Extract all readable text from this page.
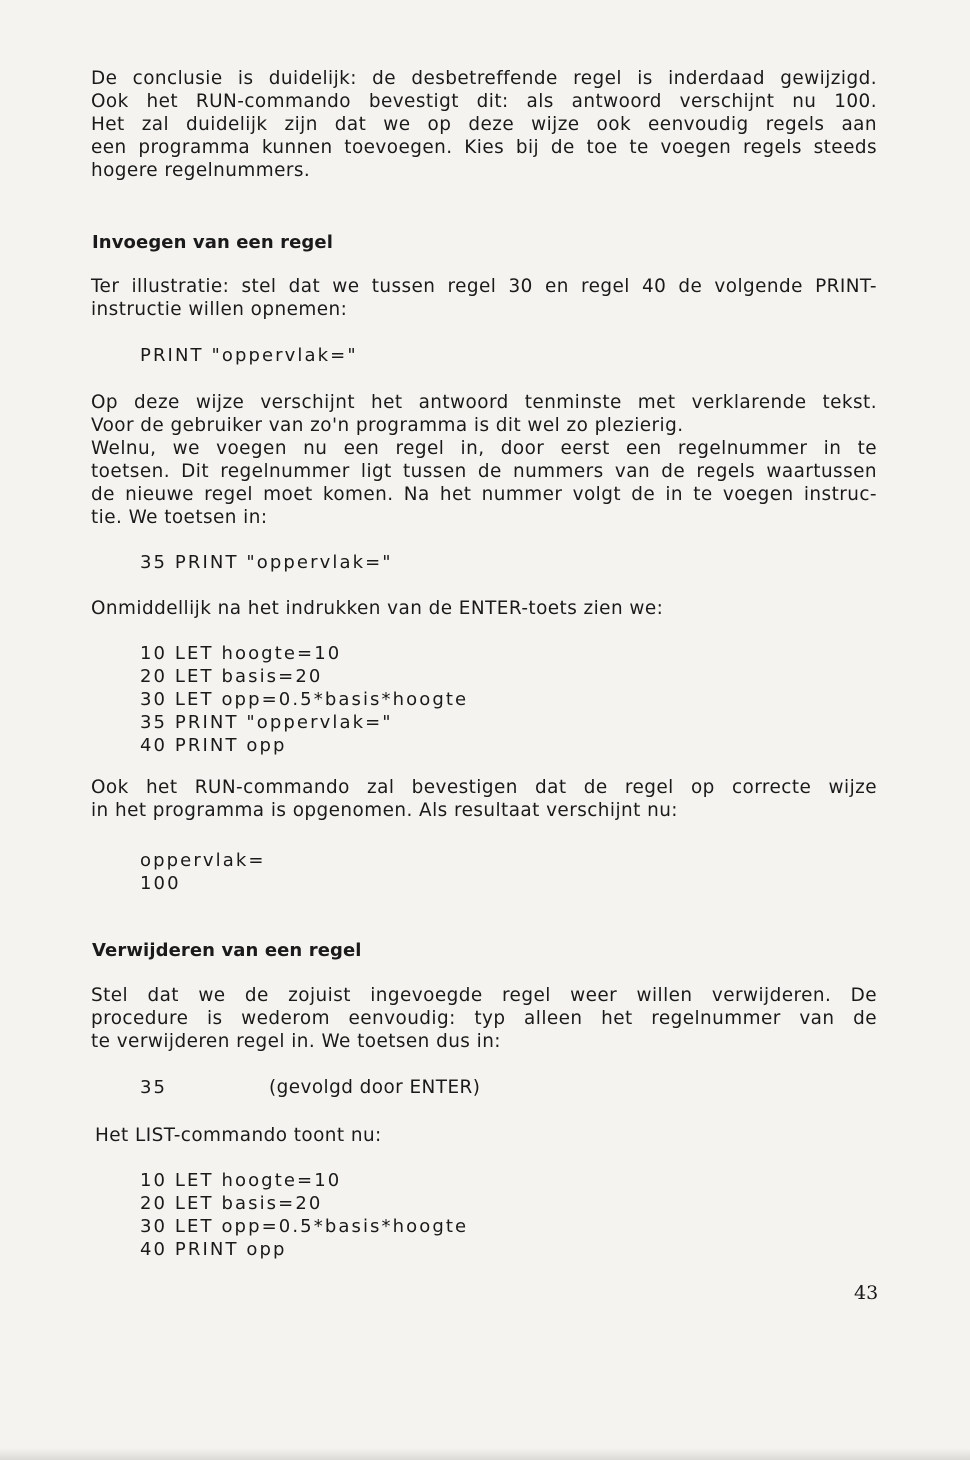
De conclusie is duidelijk: de desbetreffende regel is inderdaad gewijzigd.
Ook het RUN-commando bevestigt dit: als antwoord verschijnt nu 100.
Het zal duidelijk zijn dat we op deze wijze ook eenvoudig regels aan
een programma kunnen toevoegen. Kies bij de toe te voegen regels steeds
hogere regelnummers.
Invoegen van een regel
Ter illustratie: stel dat we tussen regel 30 en regel 40 de volgende PRINT-
instructie willen opnemen:
PRINT "oppervlak="
Op deze wijze verschijnt het antwoord tenminste met verklarende tekst.
Voor de gebruiker van zo'n programma is dit wel zo plezierig.
Welnu, we voegen nu een regel in, door eerst een regelnummer in te
toetsen. Dit regelnummer ligt tussen de nummers van de regels waartussen
de nieuwe regel moet komen. Na het nummer volgt de in te voegen instruc-
tie. We toetsen in:
35 PRINT "oppervlak="
Onmiddellijk na het indrukken van de ENTER-toets zien we:
10 LET hoogte=10
20 LET basis=20
30 LET opp=0.5*basis*hoogte
35 PRINT "oppervlak="
40 PRINT opp
Ook het RUN-commando zal bevestigen dat de regel op correcte wijze
in het programma is opgenomen. Als resultaat verschijnt nu:
oppervlak=
100
Verwijderen van een regel
Stel dat we de zojuist ingevoegde regel weer willen verwijderen. De
procedure is wederom eenvoudig: typ alleen het regelnummer van de
te verwijderen regel in. We toetsen dus in:
35	(gevolgd door ENTER)
Het LIST-commando toont nu:
10 LET hoogte=10
20 LET basis=20
30 LET opp=0.5*basis*hoogte
40 PRINT opp
43
